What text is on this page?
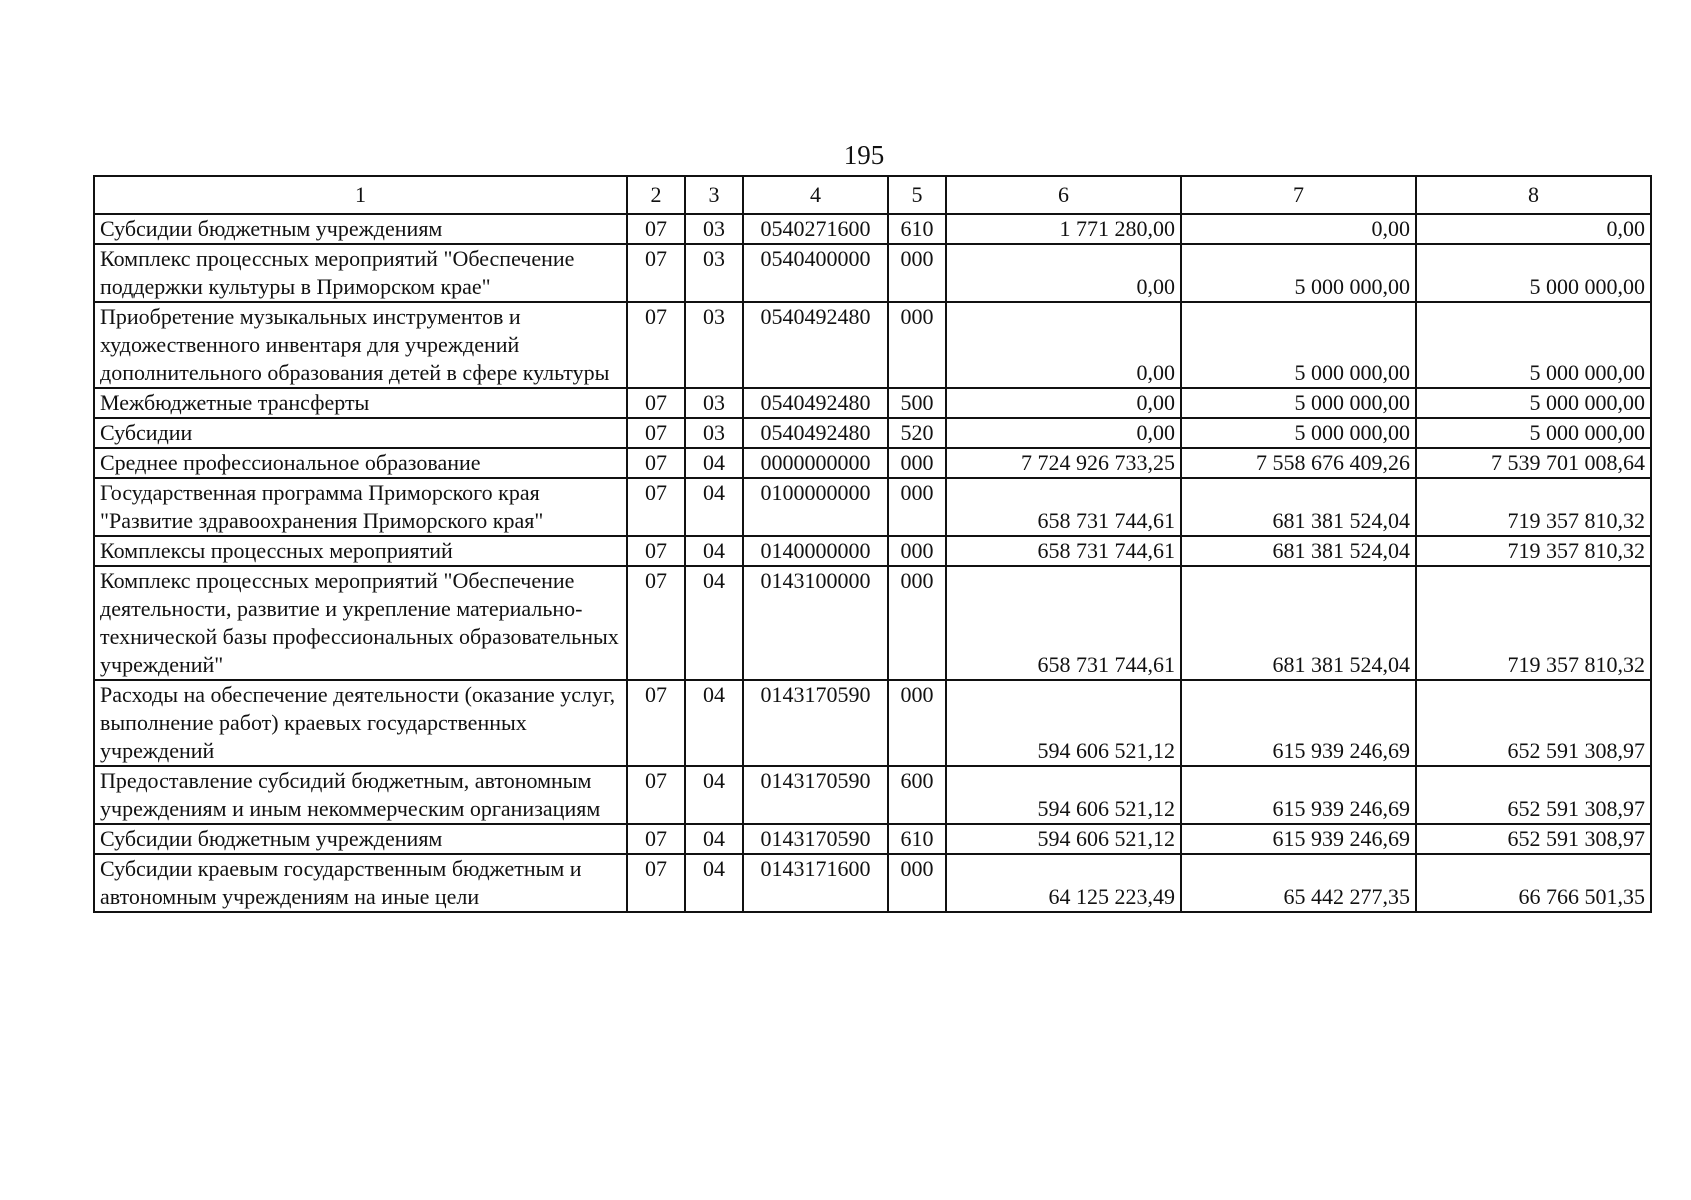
195
1	2	3	4	5	6	7	8
Субсидии бюджетным учреждениям	07	03	0540271600	610	1 771 280,00	0,00	0,00
Комплекс процессных мероприятий "Обеспечение поддержки культуры в Приморском крае"	07	03	0540400000	000	0,00	5 000 000,00	5 000 000,00
Приобретение музыкальных инструментов и художественного инвентаря для учреждений дополнительного образования детей в сфере культуры	07	03	0540492480	000	0,00	5 000 000,00	5 000 000,00
Межбюджетные трансферты	07	03	0540492480	500	0,00	5 000 000,00	5 000 000,00
Субсидии	07	03	0540492480	520	0,00	5 000 000,00	5 000 000,00
Среднее профессиональное образование	07	04	0000000000	000	7 724 926 733,25	7 558 676 409,26	7 539 701 008,64
Государственная программа Приморского края "Развитие здравоохранения Приморского края"	07	04	0100000000	000	658 731 744,61	681 381 524,04	719 357 810,32
Комплексы процессных мероприятий	07	04	0140000000	000	658 731 744,61	681 381 524,04	719 357 810,32
Комплекс процессных мероприятий "Обеспечение деятельности, развитие и укрепление материально-технической базы профессиональных образовательных учреждений"	07	04	0143100000	000	658 731 744,61	681 381 524,04	719 357 810,32
Расходы на обеспечение деятельности (оказание услуг, выполнение работ) краевых государственных учреждений	07	04	0143170590	000	594 606 521,12	615 939 246,69	652 591 308,97
Предоставление субсидий бюджетным, автономным учреждениям и иным некоммерческим организациям	07	04	0143170590	600	594 606 521,12	615 939 246,69	652 591 308,97
Субсидии бюджетным учреждениям	07	04	0143170590	610	594 606 521,12	615 939 246,69	652 591 308,97
Субсидии краевым государственным бюджетным и автономным учреждениям на иные цели	07	04	0143171600	000	64 125 223,49	65 442 277,35	66 766 501,35
